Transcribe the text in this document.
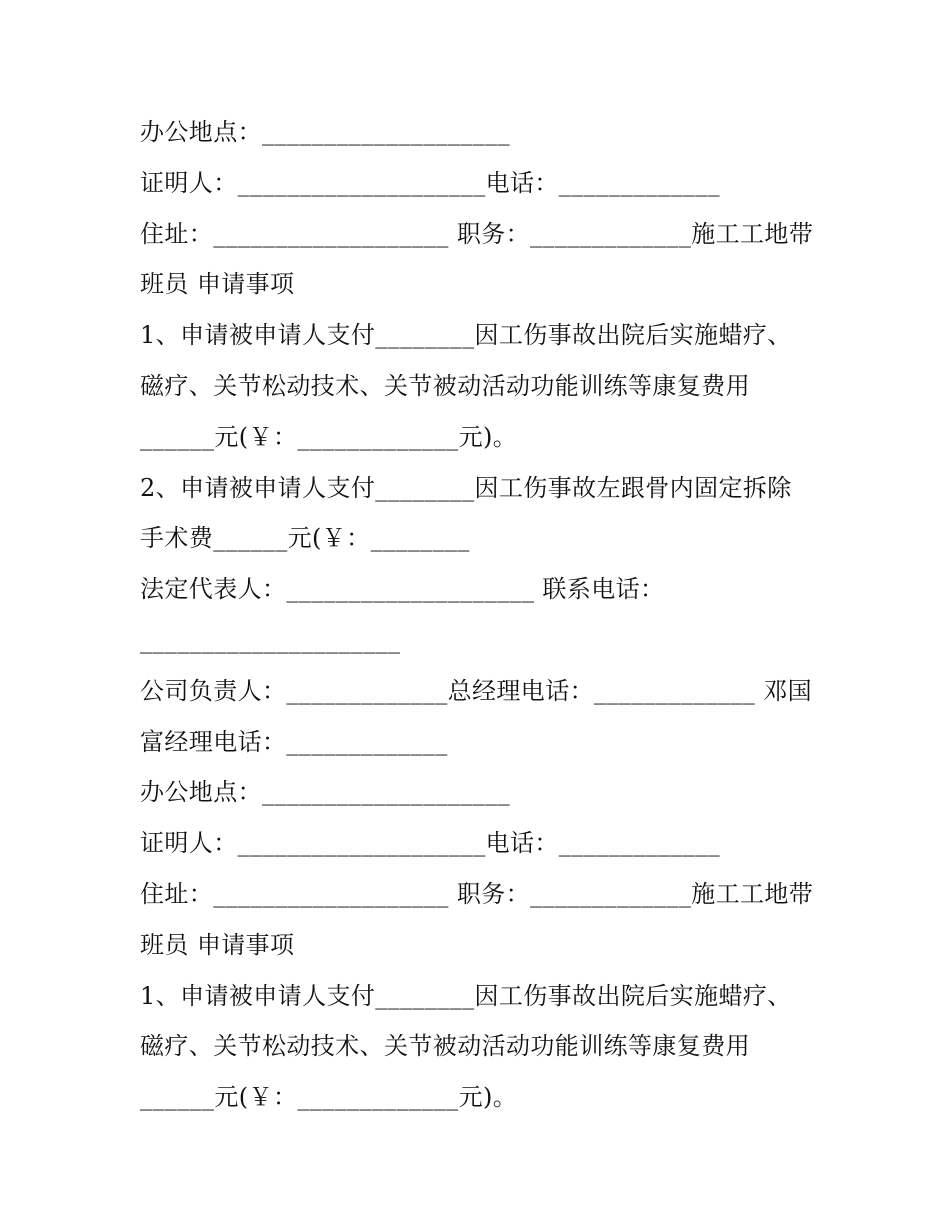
办公地点：____________________
证明人：____________________电话：_____________
住址：___________________ 职务：_____________施工工地带
班员 申请事项
1、申请被申请人支付________因工伤事故出院后实施蜡疗、
磁疗、关节松动技术、关节被动活动功能训练等康复费用
______元(￥：_____________元)。
2、申请被申请人支付________因工伤事故左跟骨内固定拆除
手术费______元(￥：________
法定代表人：____________________ 联系电话：
_____________________
公司负责人：_____________总经理电话：_____________ 邓国
富经理电话：_____________
办公地点：____________________
证明人：____________________电话：_____________
住址：___________________ 职务：_____________施工工地带
班员 申请事项
1、申请被申请人支付________因工伤事故出院后实施蜡疗、
磁疗、关节松动技术、关节被动活动功能训练等康复费用
______元(￥：_____________元)。
